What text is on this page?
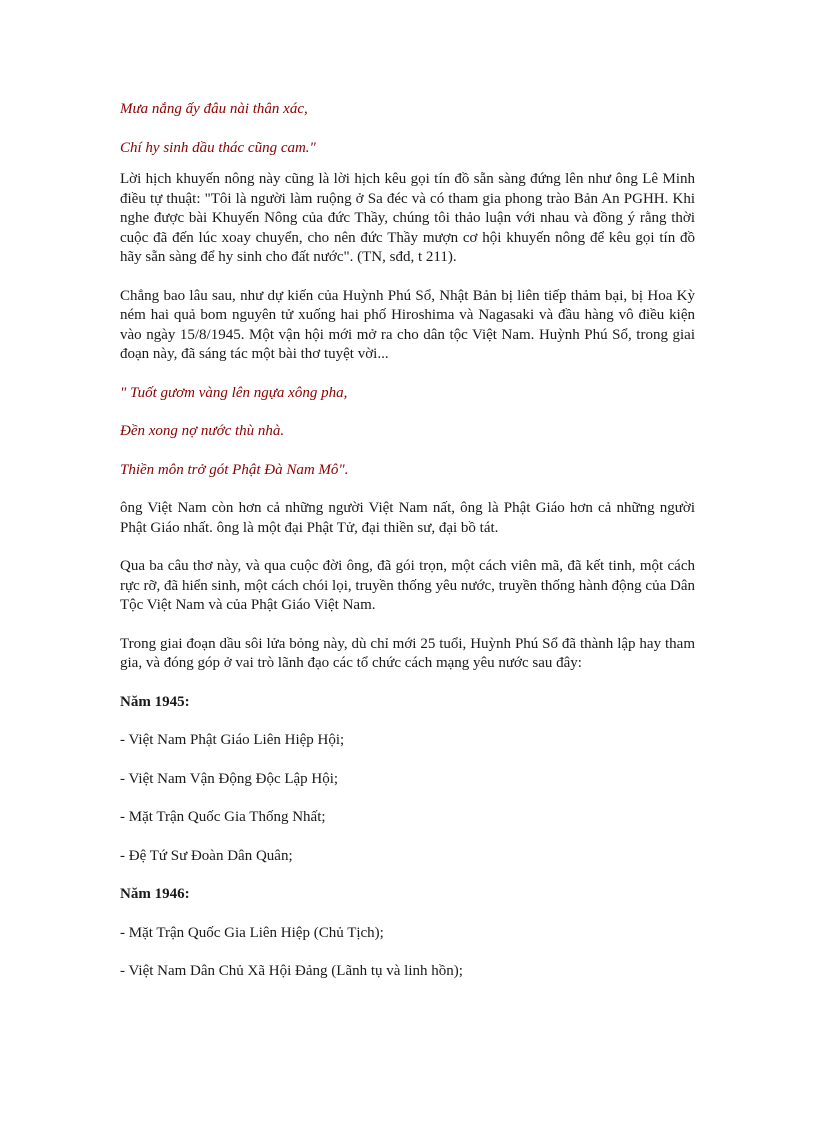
Mưa nắng ấy đâu nài thân xác,

Chí hy sinh dầu thác cũng cam."

Lời hịch khuyến nông này cũng là lời hịch kêu gọi tín đồ sẵn sàng đứng lên như ông Lê Minh điều tự thuật: "Tôi là người làm ruộng ở Sa đéc và có tham gia phong trào Bản An PGHH. Khi nghe được bài Khuyến Nông của đức Thầy, chúng tôi thảo luận với nhau và đồng ý rằng thời cuộc đã đến lúc xoay chuyển, cho nên đức Thầy mượn cơ hội khuyến nông để kêu gọi tín đồ hãy sẵn sàng để hy sinh cho đất nước". (TN, sđd, t 211).

Chẳng bao lâu sau, như dự kiến của Huỳnh Phú Sổ, Nhật Bản bị liên tiếp thảm bại, bị Hoa Kỳ ném hai quả bom nguyên tử xuống hai phố Hiroshima và Nagasaki và đầu hàng vô điều kiện vào ngày 15/8/1945. Một vận hội mới mở ra cho dân tộc Việt Nam. Huỳnh Phú Sổ, trong giai đoạn này, đã sáng tác một bài thơ tuyệt vời...

" Tuốt gươm vàng lên ngựa xông pha,

Đền xong nợ nước thù nhà.

Thiền môn trở gót Phật Đà Nam Mô".

ông Việt Nam còn hơn cả những người Việt Nam nất, ông là Phật Giáo hơn cả những người Phật Giáo nhất. ông là một đại Phật Tử, đại thiền sư, đại bồ tát.

Qua ba câu thơ này, và qua cuộc đời ông, đã gói trọn, một cách viên mã, đã kết tinh, một cách rực rỡ, đã hiển sinh, một cách chói lọi, truyền thống yêu nước, truyền thống hành động của Dân Tộc Việt Nam và của Phật Giáo Việt Nam.

Trong giai đoạn dầu sôi lửa bỏng này, dù chỉ mới 25 tuổi, Huỳnh Phú Sổ đã thành lập hay tham gia, và đóng góp ở vai trò lãnh đạo các tổ chức cách mạng yêu nước sau đây:

Năm 1945:

- Việt Nam Phật Giáo Liên Hiệp Hội;

- Việt Nam Vận Động Độc Lập Hội;

- Mặt Trận Quốc Gia Thống Nhất;

- Đệ Tứ Sư Đoàn Dân Quân;

Năm 1946:

- Mặt Trận Quốc Gia Liên Hiệp (Chủ Tịch);

- Việt Nam Dân Chủ Xã Hội Đảng (Lãnh tụ và linh hồn);
